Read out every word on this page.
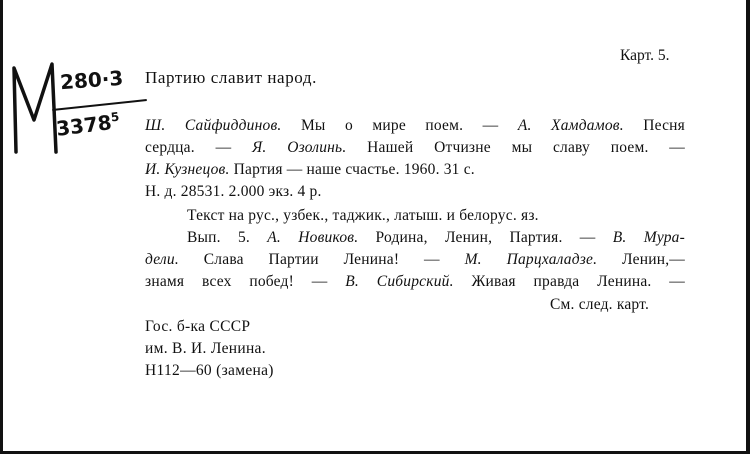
280·3
3378$^5$
Карт. 5.
Партию славит народ.
Ш. Сайфиддинов. Мы о мире поем. — А. Хамдамов. Песня
сердца. — Я. Озолинь. Нашей Отчизне мы славу поем. —
И. Кузнецов. Партия — наше счастье. 1960. 31 с.
Н. д. 28531. 2.000 экз. 4 р.
Текст на рус., узбек., таджик., латыш. и белорус. яз.
Вып. 5. А. Новиков. Родина, Ленин, Партия. — В. Мура-
дели. Слава Партии Ленина! — М. Парцхаладзе. Ленин,—
знамя всех побед! — В. Сибирский. Живая правда Ленина. —
См. след. карт.
Гос. б-ка СССР
им. В. И. Ленина.
Н112—60 (замена)
